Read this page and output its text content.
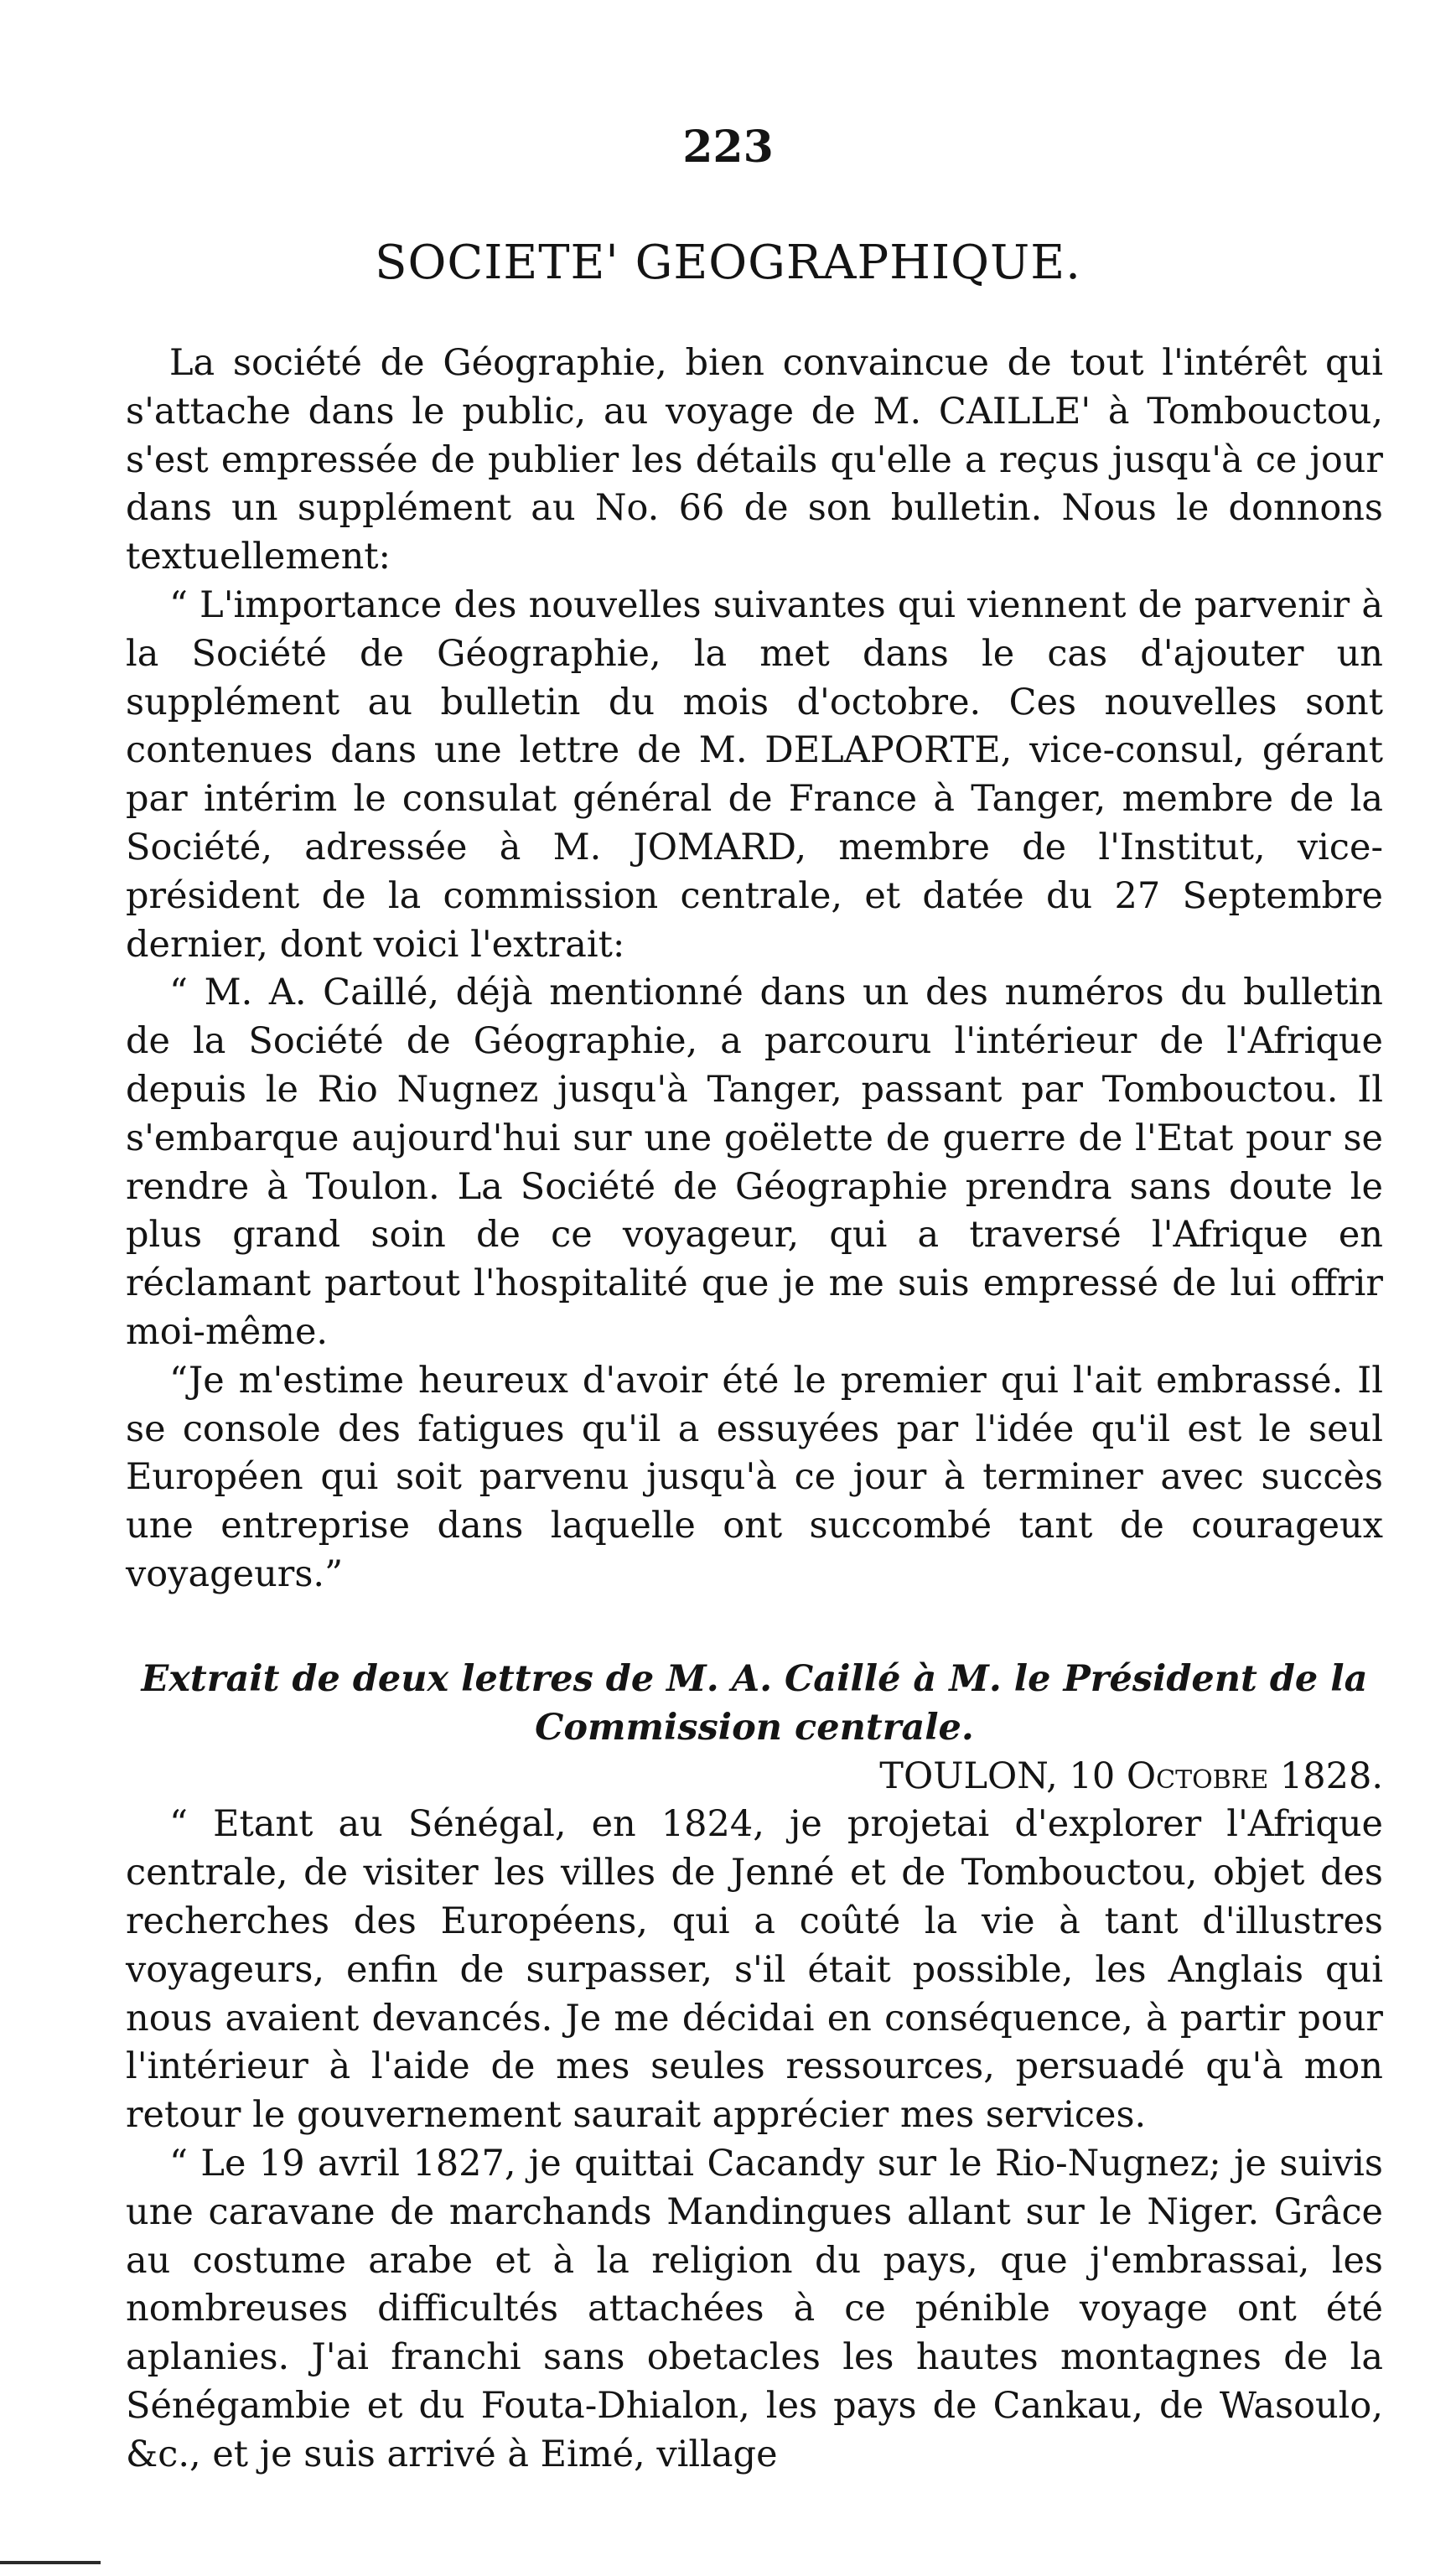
223
SOCIETE' GEOGRAPHIQUE.

La société de Géographie, bien convaincue de tout l'intérêt qui s'attache dans le public, au voyage de M. CAILLE' à Tombouctou, s'est empressée de publier les détails qu'elle a reçus jusqu'à ce jour dans un supplément au No. 66 de son bulletin. Nous le donnons textuellement:

“ L'importance des nouvelles suivantes qui viennent de parvenir à la Société de Géographie, la met dans le cas d'ajouter un supplément au bulletin du mois d'octobre. Ces nouvelles sont contenues dans une lettre de M. DELAPORTE, vice-consul, gérant par intérim le consulat général de France à Tanger, membre de la Société, adressée à M. JOMARD, membre de l'Institut, vice-président de la commission centrale, et datée du 27 Septembre dernier, dont voici l'extrait:

“ M. A. Caillé, déjà mentionné dans un des numéros du bulletin de la Société de Géographie, a parcouru l'intérieur de l'Afrique depuis le Rio Nugnez jusqu'à Tanger, passant par Tombouctou. Il s'embarque aujourd'hui sur une goëlette de guerre de l'Etat pour se rendre à Toulon. La Société de Géographie prendra sans doute le plus grand soin de ce voyageur, qui a traversé l'Afrique en réclamant partout l'hospitalité que je me suis empressé de lui offrir moi-même.

“Je m'estime heureux d'avoir été le premier qui l'ait embrassé. Il se console des fatigues qu'il a essuyées par l'idée qu'il est le seul Européen qui soit parvenu jusqu'à ce jour à terminer avec succès une entreprise dans laquelle ont succombé tant de courageux voyageurs.”

Extrait de deux lettres de M. A. Caillé à M. le Président de la Commission centrale.

TOULON, 10 Octobre 1828.

“ Etant au Sénégal, en 1824, je projetai d'explorer l'Afrique centrale, de visiter les villes de Jenné et de Tombouctou, objet des recherches des Européens, qui a coûté la vie à tant d'illustres voyageurs, enfin de surpasser, s'il était possible, les Anglais qui nous avaient devancés. Je me décidai en conséquence, à partir pour l'intérieur à l'aide de mes seules ressources, persuadé qu'à mon retour le gouvernement saurait apprécier mes services.

“ Le 19 avril 1827, je quittai Cacandy sur le Rio-Nugnez; je suivis une caravane de marchands Mandingues allant sur le Niger. Grâce au costume arabe et à la religion du pays, que j'embrassai, les nombreuses difficultés attachées à ce pénible voyage ont été aplanies. J'ai franchi sans obetacles les hautes montagnes de la Sénégambie et du Fouta-Dhialon, les pays de Cankau, de Wasoulo, &c., et je suis arrivé à Eimé, village
